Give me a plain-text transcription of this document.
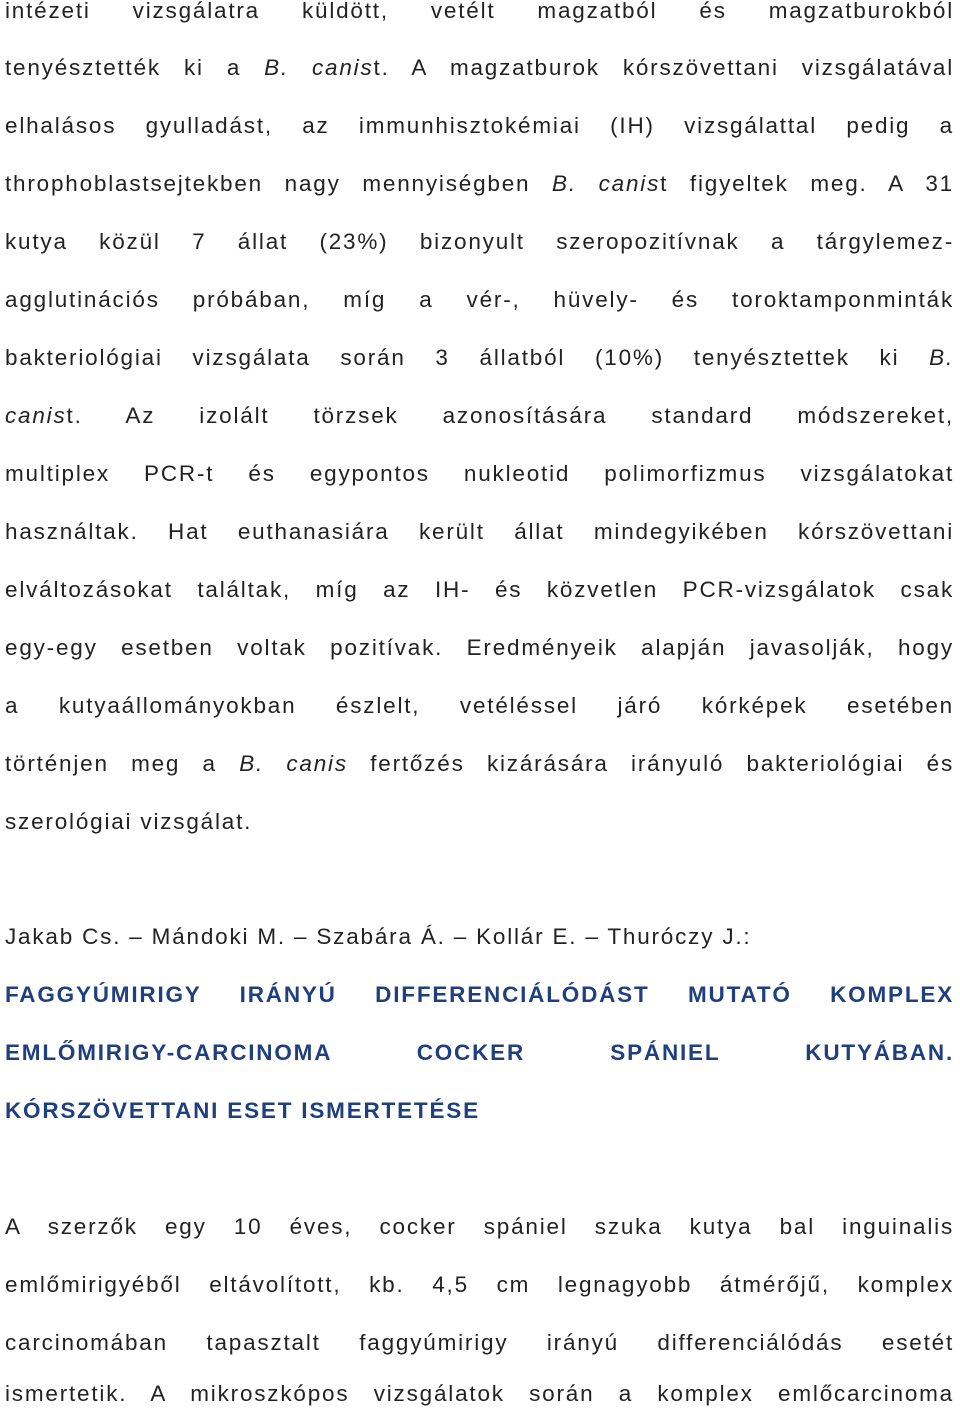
intézeti vizsgálatra küldött, vetélt magzatból és magzatburokból
tenyésztették ki a B. canist. A magzatburok kórszövettani vizsgálatával
elhalásos gyulladást, az immunhisztokémiai (IH) vizsgálattal pedig a
throphoblastsejtekben nagy mennyiségben B. canist figyeltek meg. A 31
kutya közül 7 állat (23%) bizonyult szeropozitívnak a tárgylemez-
agglutinációs próbában, míg a vér-, hüvely- és toroktamponminták
bakteriológiai vizsgálata során 3 állatból (10%) tenyésztettek ki B.
canist. Az izolált törzsek azonosítására standard módszereket,
multiplex PCR-t és egypontos nukleotid polimorfizmus vizsgálatokat
használtak. Hat euthanasiára került állat mindegyikében kórszövettani
elváltozásokat találtak, míg az IH- és közvetlen PCR-vizsgálatok csak
egy-egy esetben voltak pozitívak. Eredményeik alapján javasolják, hogy
a kutyaállományokban észlelt, vetéléssel járó kórképek esetében
történjen meg a B. canis fertőzés kizárására irányuló bakteriológiai és
szerológiai vizsgálat.
Jakab Cs. – Mándoki M. – Szabára Á. – Kollár E. – Thuróczy J.:
FAGGYÚMIRIGY IRÁNYÚ DIFFERENCIÁLÓDÁST MUTATÓ KOMPLEX
EMLŐMIRIGY-CARCINOMA COCKER SPÁNIEL KUTYÁBAN.
KÓRSZÖVETTANI ESET ISMERTETÉSE
A szerzők egy 10 éves, cocker spániel szuka kutya bal inguinalis
emlőmirigyéből eltávolított, kb. 4,5 cm legnagyobb átmérőjű, komplex
carcinomában tapasztalt faggyúmirigy irányú differenciálódás esetét
ismertetik. A mikroszkópos vizsgálatok során a komplex emlőcarcinoma
